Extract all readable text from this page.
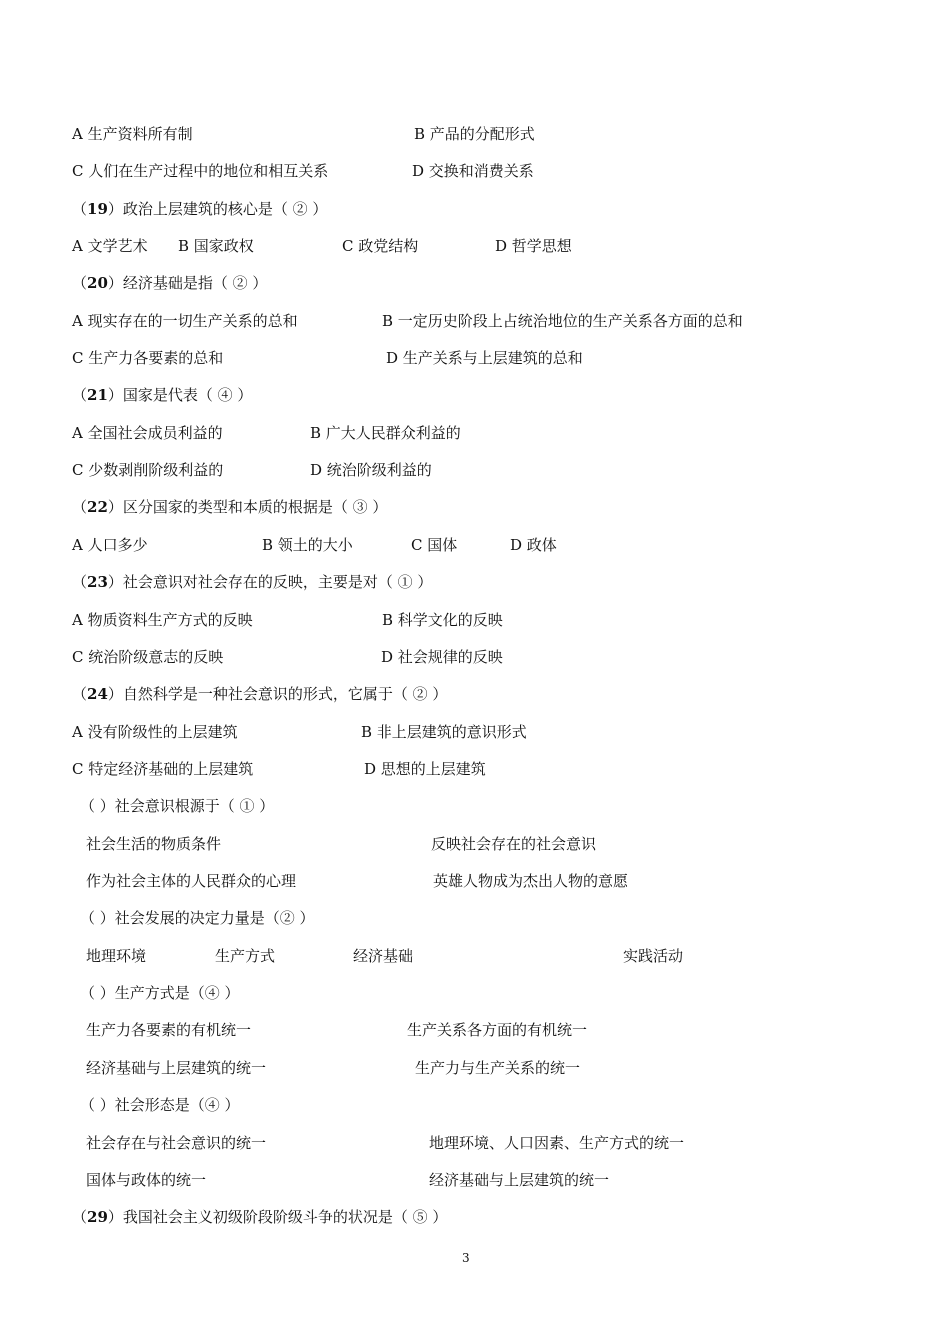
A 生产资料所有制	B 产品的分配形式
C 人们在生产过程中的地位和相互关系	D 交换和消费关系
（19）政治上层建筑的核心是（ ② ）
A 文学艺术 B 国家政权	C 政党结构	D 哲学思想
（20）经济基础是指（ ② ）
A 现实存在的一切生产关系的总和	B 一定历史阶段上占统治地位的生产关系各方面的总和
C 生产力各要素的总和	D 生产关系与上层建筑的总和
（21）国家是代表（ ④ ）
A 全国社会成员利益的	B 广大人民群众利益的
C 少数剥削阶级利益的	D 统治阶级利益的
（22）区分国家的类型和本质的根据是（ ③ ）
A 人口多少	B 领土的大小	C 国体	D 政体
（23）社会意识对社会存在的反映，主要是对（ ① ）
A 物质资料生产方式的反映	B 科学文化的反映
C 统治阶级意志的反映	D 社会规律的反映
（24）自然科学是一种社会意识的形式，它属于（ ② ）
A 没有阶级性的上层建筑	B 非上层建筑的意识形式
C 特定经济基础的上层建筑	D 思想的上层建筑
（ ）社会意识根源于（ ① ）
社会生活的物质条件	反映社会存在的社会意识
作为社会主体的人民群众的心理	英雄人物成为杰出人物的意愿
（ ）社会发展的决定力量是（② ）
地理环境	生产方式	经济基础	实践活动
（ ）生产方式是（④ ）
生产力各要素的有机统一	生产关系各方面的有机统一
经济基础与上层建筑的统一	生产力与生产关系的统一
（ ）社会形态是（④ ）
社会存在与社会意识的统一	地理环境、人口因素、生产方式的统一
国体与政体的统一	经济基础与上层建筑的统一
（29）我国社会主义初级阶段阶级斗争的状况是（ ⑤ ）
3
